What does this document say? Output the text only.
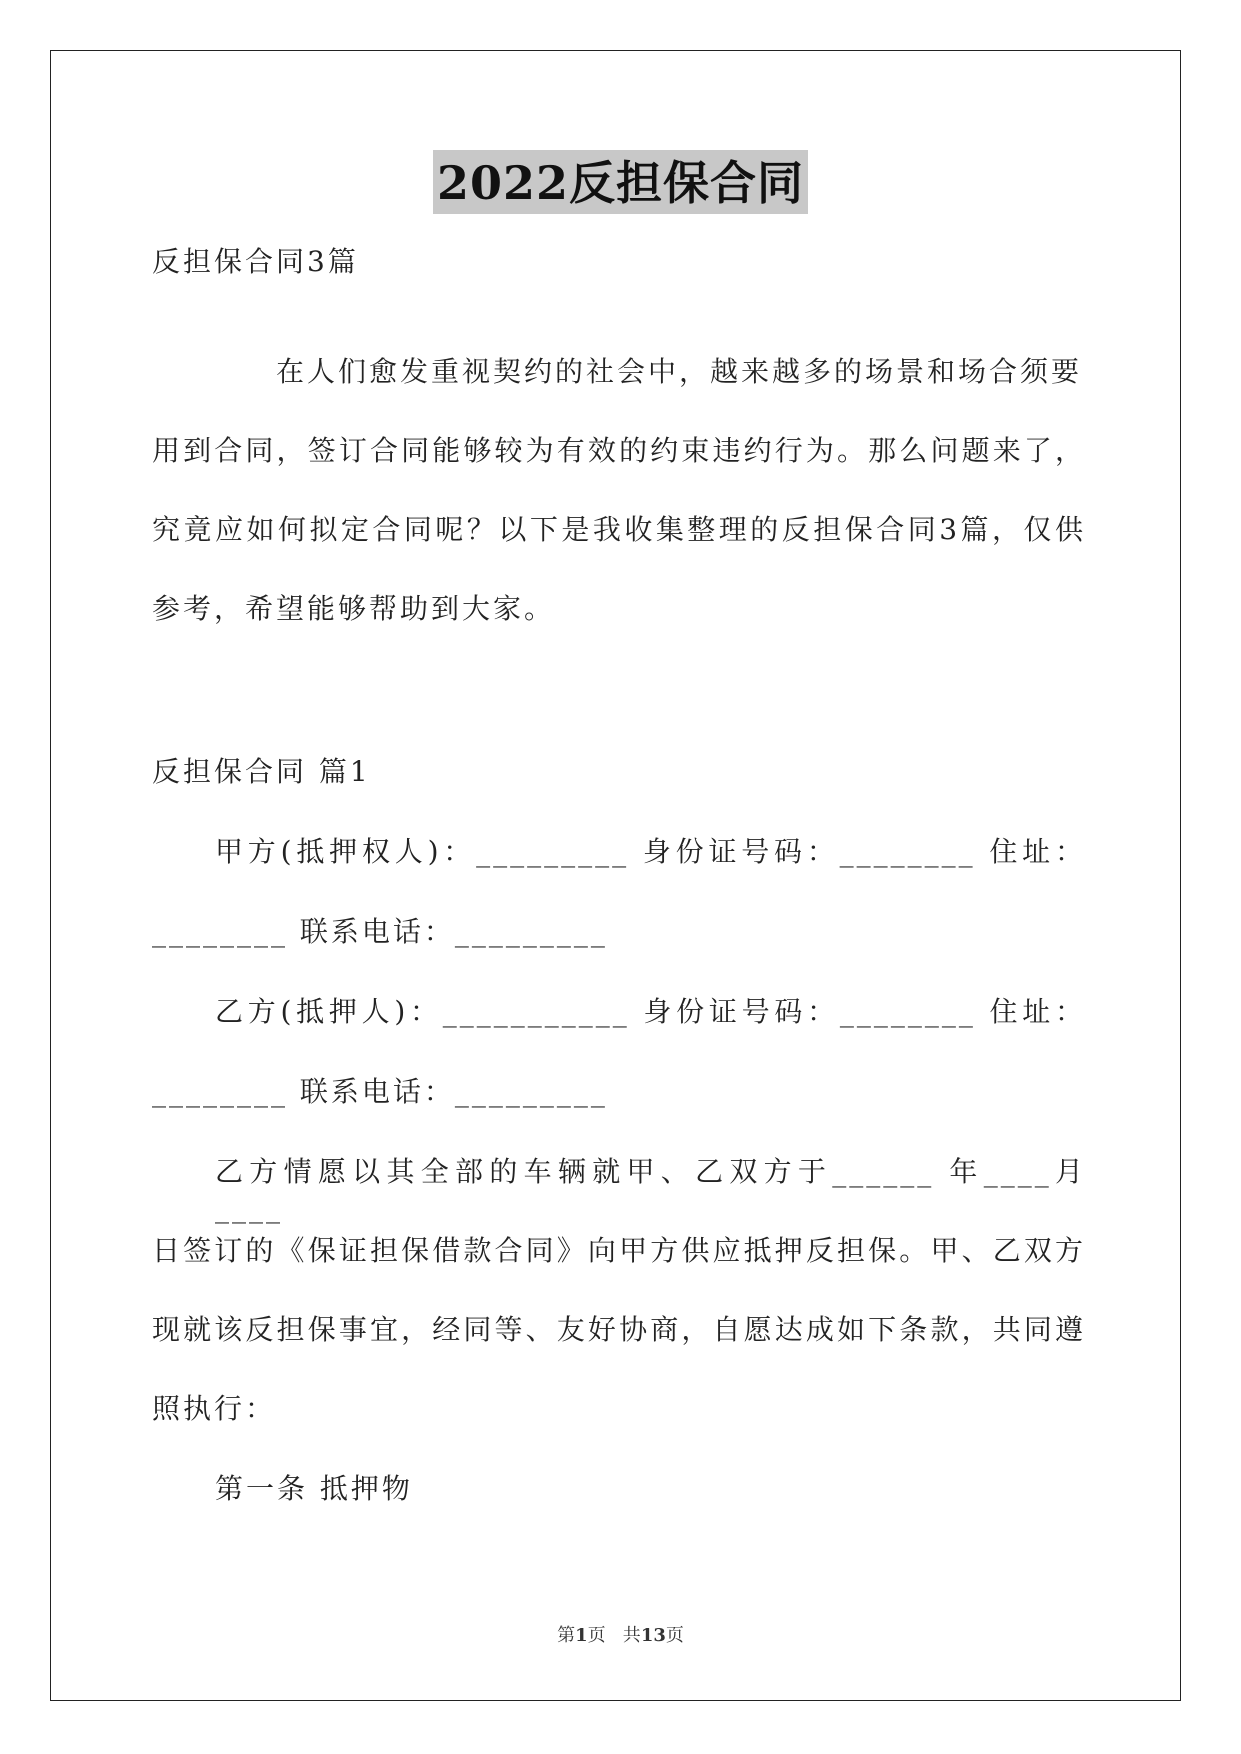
2022反担保合同
反担保合同3篇
在人们愈发重视契约的社会中，越来越多的场景和场合须要
用到合同，签订合同能够较为有效的约束违约行为。那么问题来了，
究竟应如何拟定合同呢？以下是我收集整理的反担保合同3篇，仅供
参考，希望能够帮助到大家。
反担保合同 篇1
甲方(抵押权人)：_________ 身份证号码：________ 住址：
________ 联系电话：_________
乙方(抵押人)：___________ 身份证号码：________ 住址：
________ 联系电话：_________
乙方情愿以其全部的车辆就甲、乙双方于______ 年____月 ____
日签订的《保证担保借款合同》向甲方供应抵押反担保。甲、乙双方
现就该反担保事宜，经同等、友好协商，自愿达成如下条款，共同遵
照执行：
第一条 抵押物
第1页   共13页
